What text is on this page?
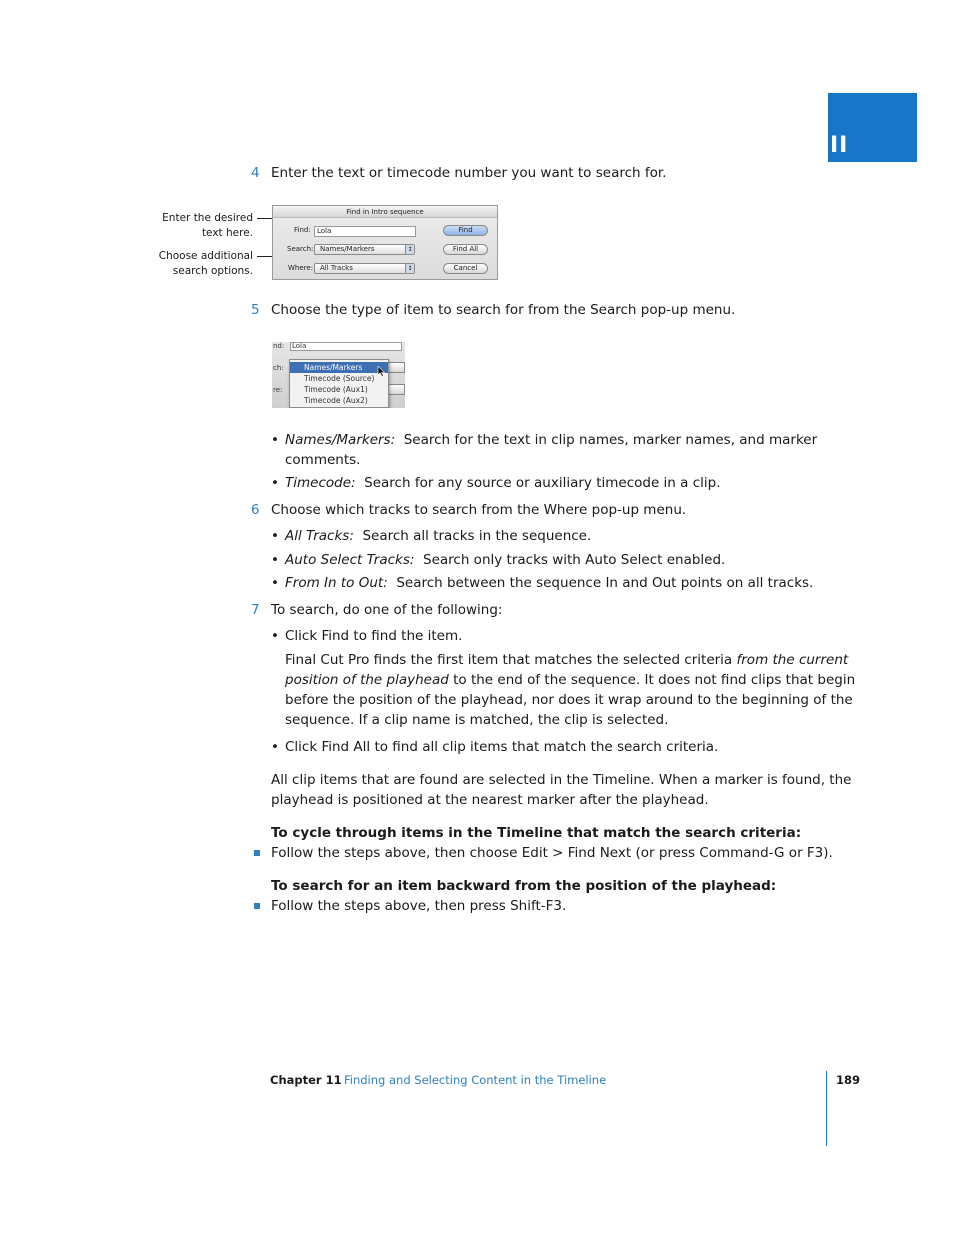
II
4 Enter the text or timecode number you want to search for.
Enter the desired
text here.
Choose additional
search options.
Find in Intro sequence
Find: Lola
Search: Names/Markers	↕
Where: All Tracks	↕
Find
Find All
Cancel
5 Choose the type of item to search for from the Search pop-up menu.
nd: Lola
ch:
re:
Names/Markers
Timecode (Source)
Timecode (Aux1)
Timecode (Aux2)
• Names/Markers: Search for the text in clip names, marker names, and marker
comments.
• Timecode: Search for any source or auxiliary timecode in a clip.
6 Choose which tracks to search from the Where pop-up menu.
• All Tracks: Search all tracks in the sequence.
• Auto Select Tracks: Search only tracks with Auto Select enabled.
• From In to Out: Search between the sequence In and Out points on all tracks.
7 To search, do one of the following:
• Click Find to find the item.
Final Cut Pro finds the first item that matches the selected criteria from the current
position of the playhead to the end of the sequence. It does not find clips that begin
before the position of the playhead, nor does it wrap around to the beginning of the
sequence. If a clip name is matched, the clip is selected.
• Click Find All to find all clip items that match the search criteria.
All clip items that are found are selected in the Timeline. When a marker is found, the
playhead is positioned at the nearest marker after the playhead.
To cycle through items in the Timeline that match the search criteria:
Follow the steps above, then choose Edit > Find Next (or press Command-G or F3).
To search for an item backward from the position of the playhead:
Follow the steps above, then press Shift-F3.
Chapter 11 Finding and Selecting Content in the Timeline	189
